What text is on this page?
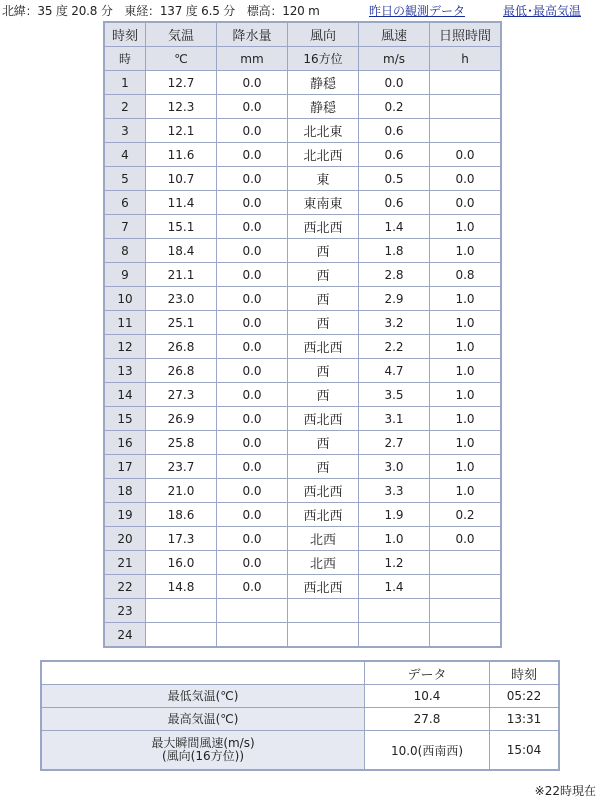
北緯：35 度 20.8 分　東経：137 度 6.5 分　標高：120 m	昨日の観測データ	最低･最高気温
時刻	気温	降水量	風向	風速	日照時間
時	℃	mm	16方位	m/s	h
1	12.7	0.0	静穏	0.0	
2	12.3	0.0	静穏	0.2	
3	12.1	0.0	北北東	0.6	
4	11.6	0.0	北北西	0.6	0.0
5	10.7	0.0	東	0.5	0.0
6	11.4	0.0	東南東	0.6	0.0
7	15.1	0.0	西北西	1.4	1.0
8	18.4	0.0	西	1.8	1.0
9	21.1	0.0	西	2.8	0.8
10	23.0	0.0	西	2.9	1.0
11	25.1	0.0	西	3.2	1.0
12	26.8	0.0	西北西	2.2	1.0
13	26.8	0.0	西	4.7	1.0
14	27.3	0.0	西	3.5	1.0
15	26.9	0.0	西北西	3.1	1.0
16	25.8	0.0	西	2.7	1.0
17	23.7	0.0	西	3.0	1.0
18	21.0	0.0	西北西	3.3	1.0
19	18.6	0.0	西北西	1.9	0.2
20	17.3	0.0	北西	1.0	0.0
21	16.0	0.0	北西	1.2	
22	14.8	0.0	西北西	1.4	
23					
24					
	データ	時刻

最低気温(℃)	10.4	05:22

最高気温(℃)	27.8	13:31

最大瞬間風速(m/s)
(風向(16方位))	10.0(西南西)	15:04
※22時現在
